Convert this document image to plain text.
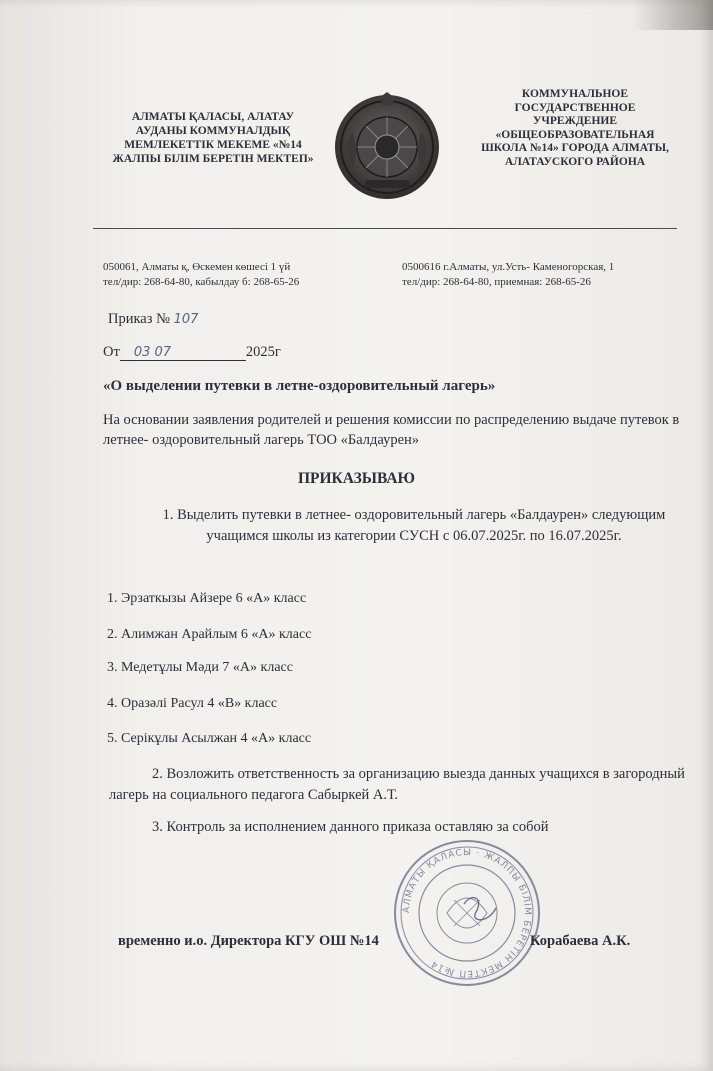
АЛМАТЫ ҚАЛАСЫ, АЛАТАУ АУДАНЫ КОММУНАЛДЫҚ МЕМЛЕКЕТТІК МЕКЕМЕ «№14 ЖАЛПЫ БІЛІМ БЕРЕТІН МЕКТЕП»
КОММУНАЛЬНОЕ ГОСУДАРСТВЕННОЕ УЧРЕЖДЕНИЕ «ОБЩЕОБРАЗОВАТЕЛЬНАЯ ШКОЛА №14» ГОРОДА АЛМАТЫ, АЛАТАУСКОГО РАЙОНА
050061, Алматы қ, Өскемен көшесі 1 үй
тел/дир: 268-64-80, кабылдау б: 268-65-26
0500616 г.Алматы, ул.Усть- Каменогорская, 1
тел/дир: 268-64-80, приемная: 268-65-26
Приказ № 107
От 03 07	2025г
«О выделении путевки в летне-оздоровительный лагерь»
На основании заявления родителей и решения комиссии по распределению выдаче путевок в летнее- оздоровительный лагерь ТОО «Балдаурен»
ПРИКАЗЫВАЮ
1. Выделить путевки в летнее- оздоровительный лагерь «Балдаурен» следующим учащимся школы из категории СУСН с 06.07.2025г. по 16.07.2025г.
1. Эрзаткызы Айзере 6 «А» класс
2. Алимжан Арайлым 6 «А» класс
3. Медетұлы Мәди 7 «А» класс
4. Оразәлі Расул 4 «В» класс
5. Серікұлы Асылжан 4 «А» класс
2. Возложить ответственность за организацию выезда данных учащихся в загородный лагерь на социального педагога Сабыркей А.Т.
3. Контроль за исполнением данного приказа оставляю за собой
АЛМАТЫ ҚАЛАСЫ · ЖАЛПЫ БІЛІМ БЕРЕТІН МЕКТЕП №14
временно и.о. Директора КГУ ОШ №14	Корабаева А.К.
